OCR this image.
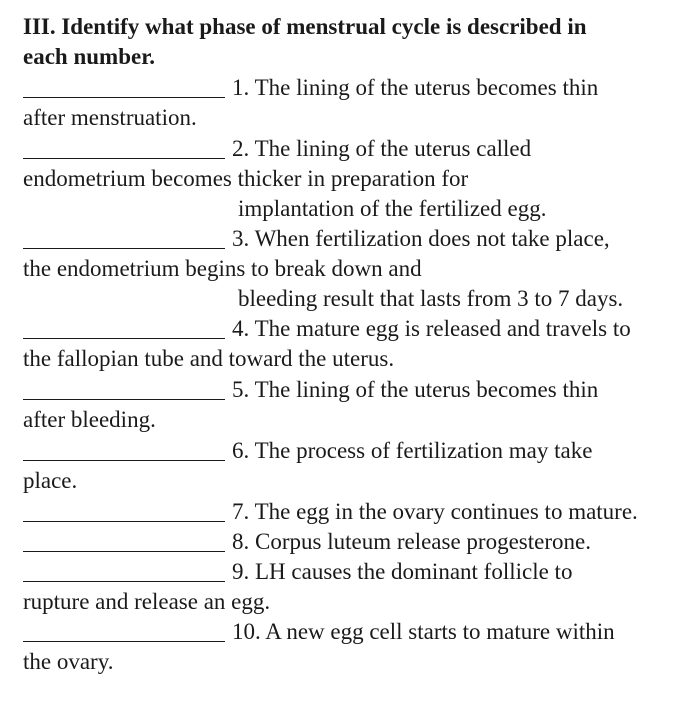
III. Identify what phase of menstrual cycle is described in
each number.
1. The lining of the uterus becomes thin
after menstruation.
2. The lining of the uterus called
endometrium becomes thicker in preparation for
implantation of the fertilized egg.
3. When fertilization does not take place,
the endometrium begins to break down and
bleeding result that lasts from 3 to 7 days.
4. The mature egg is released and travels to
the fallopian tube and toward the uterus.
5. The lining of the uterus becomes thin
after bleeding.
6. The process of fertilization may take
place.
7. The egg in the ovary continues to mature.
8. Corpus luteum release progesterone.
9. LH causes the dominant follicle to
rupture and release an egg.
10. A new egg cell starts to mature within
the ovary.
